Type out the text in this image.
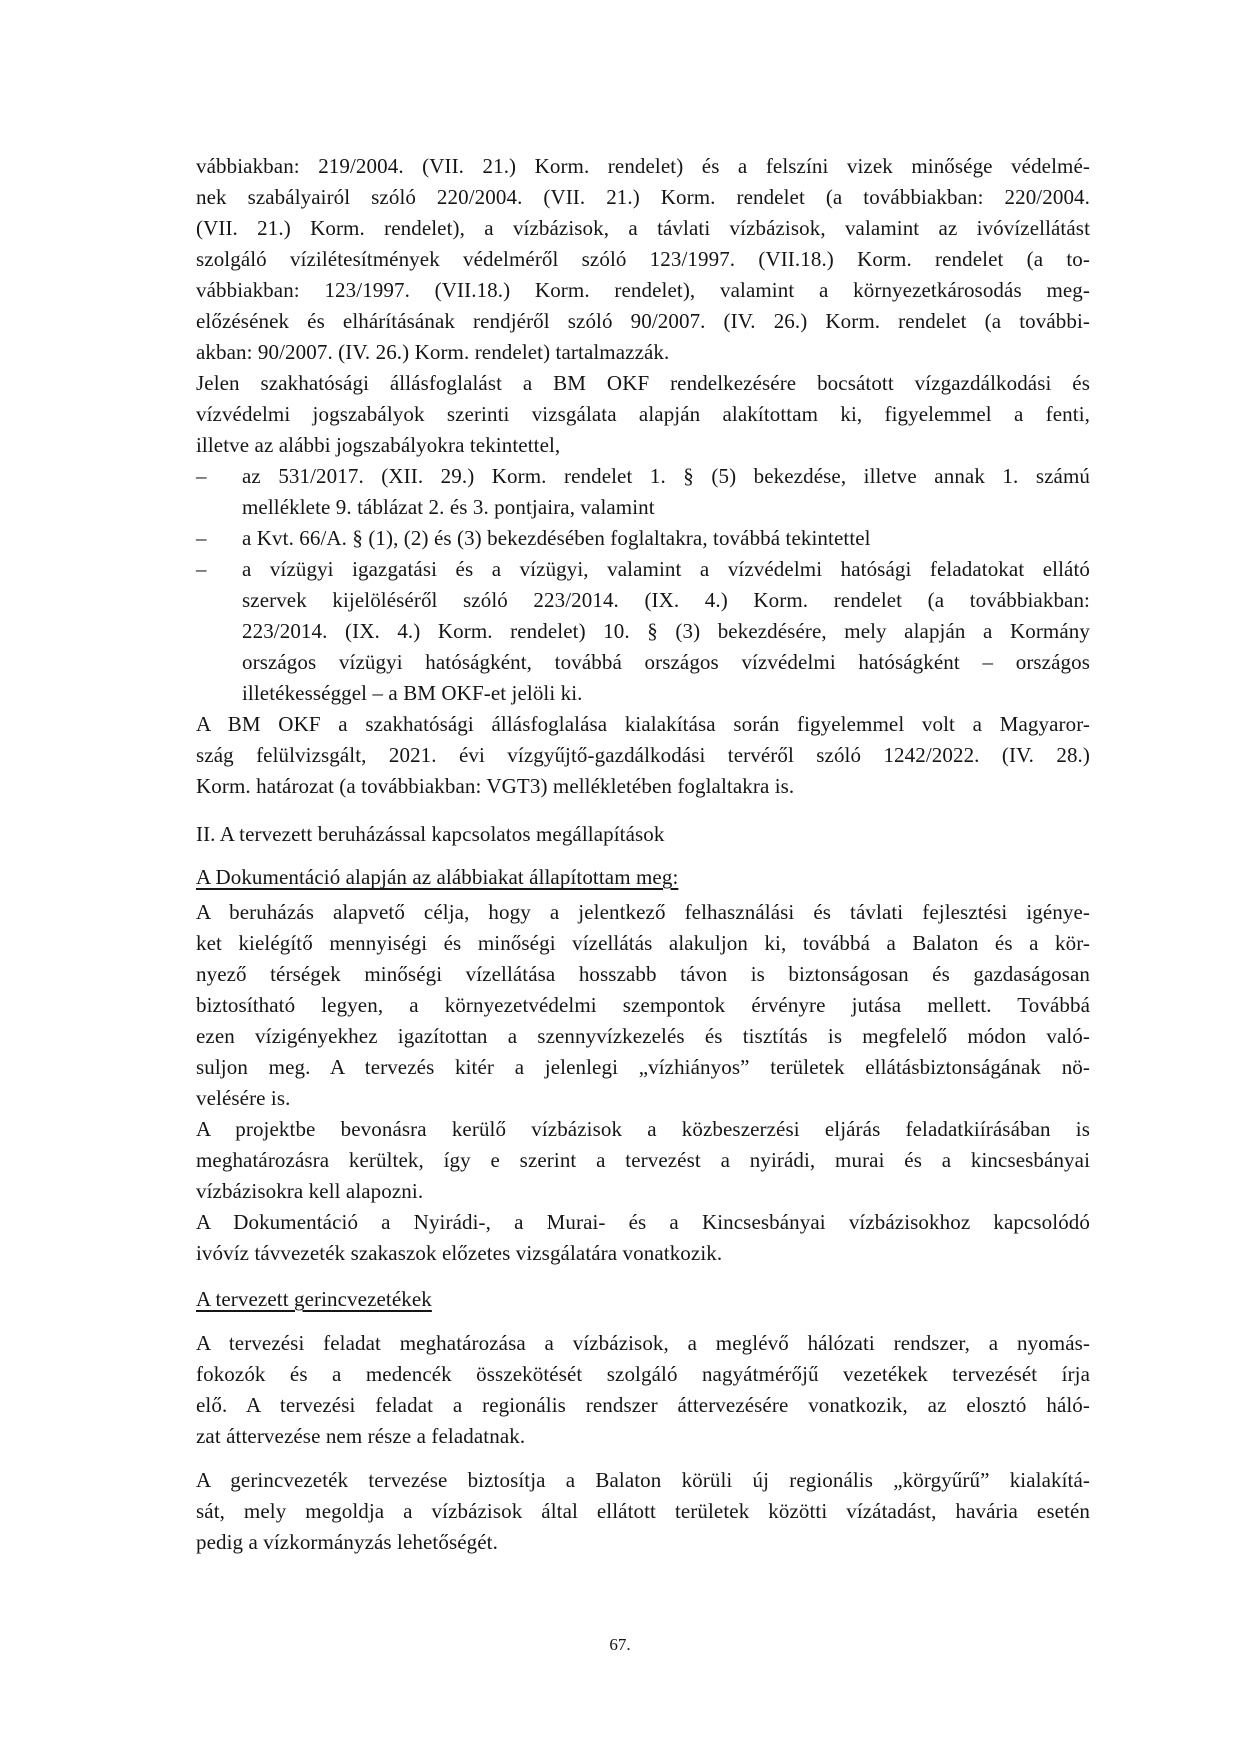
vábbiakban: 219/2004. (VII. 21.) Korm. rendelet) és a felszíni vizek minősége védelmé-
nek szabályairól szóló 220/2004. (VII. 21.) Korm. rendelet (a továbbiakban: 220/2004.
(VII. 21.) Korm. rendelet), a vízbázisok, a távlati vízbázisok, valamint az ivóvízellátást
szolgáló vízilétesítmények védelméről szóló 123/1997. (VII.18.) Korm. rendelet (a to-
vábbiakban: 123/1997. (VII.18.) Korm. rendelet), valamint a környezetkárosodás meg-
előzésének és elhárításának rendjéről szóló 90/2007. (IV. 26.) Korm. rendelet (a további-
akban: 90/2007. (IV. 26.) Korm. rendelet) tartalmazzák.
Jelen szakhatósági állásfoglalást a BM OKF rendelkezésére bocsátott vízgazdálkodási és
vízvédelmi jogszabályok szerinti vizsgálata alapján alakítottam ki, figyelemmel a fenti,
illetve az alábbi jogszabályokra tekintettel,
– az 531/2017. (XII. 29.) Korm. rendelet 1. § (5) bekezdése, illetve annak 1. számú
melléklete 9. táblázat 2. és 3. pontjaira, valamint
– a Kvt. 66/A. § (1), (2) és (3) bekezdésében foglaltakra, továbbá tekintettel
– a vízügyi igazgatási és a vízügyi, valamint a vízvédelmi hatósági feladatokat ellátó
szervek kijelöléséről szóló 223/2014. (IX. 4.) Korm. rendelet (a továbbiakban:
223/2014. (IX. 4.) Korm. rendelet) 10. § (3) bekezdésére, mely alapján a Kormány
országos vízügyi hatóságként, továbbá országos vízvédelmi hatóságként – országos
illetékességgel – a BM OKF-et jelöli ki.
A BM OKF a szakhatósági állásfoglalása kialakítása során figyelemmel volt a Magyaror-
szág felülvizsgált, 2021. évi vízgyűjtő-gazdálkodási tervéről szóló 1242/2022. (IV. 28.)
Korm. határozat (a továbbiakban: VGT3) mellékletében foglaltakra is.
II. A tervezett beruházással kapcsolatos megállapítások
A Dokumentáció alapján az alábbiakat állapítottam meg:
A beruházás alapvető célja, hogy a jelentkező felhasználási és távlati fejlesztési igénye-
ket kielégítő mennyiségi és minőségi vízellátás alakuljon ki, továbbá a Balaton és a kör-
nyező térségek minőségi vízellátása hosszabb távon is biztonságosan és gazdaságosan
biztosítható legyen, a környezetvédelmi szempontok érvényre jutása mellett. Továbbá
ezen vízigényekhez igazítottan a szennyvízkezelés és tisztítás is megfelelő módon való-
suljon meg. A tervezés kitér a jelenlegi „vízhiányos” területek ellátásbiztonságának nö-
velésére is.
A projektbe bevonásra kerülő vízbázisok a közbeszerzési eljárás feladatkiírásában is
meghatározásra kerültek, így e szerint a tervezést a nyirádi, murai és a kincsesbányai
vízbázisokra kell alapozni.
A Dokumentáció a Nyirádi-, a Murai- és a Kincsesbányai vízbázisokhoz kapcsolódó
ivóvíz távvezeték szakaszok előzetes vizsgálatára vonatkozik.
A tervezett gerincvezetékek
A tervezési feladat meghatározása a vízbázisok, a meglévő hálózati rendszer, a nyomás-
fokozók és a medencék összekötését szolgáló nagyátmérőjű vezetékek tervezését írja
elő. A tervezési feladat a regionális rendszer áttervezésére vonatkozik, az elosztó háló-
zat áttervezése nem része a feladatnak.
A gerincvezeték tervezése biztosítja a Balaton körüli új regionális „körgyűrű” kialakítá-
sát, mely megoldja a vízbázisok által ellátott területek közötti vízátadást, havária esetén
pedig a vízkormányzás lehetőségét.
67.
